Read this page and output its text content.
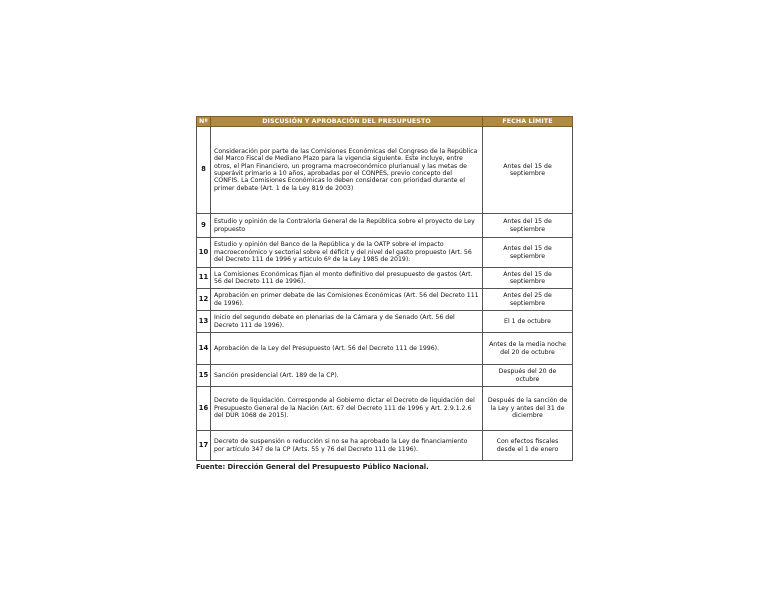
Nº	DISCUSIÓN Y APROBACIÓN DEL PRESUPUESTO	FECHA LÍMITE
8	Consideración por parte de las Comisiones Económicas del Congreso de la República del Marco Fiscal de Mediano Plazo para la vigencia siguiente. Este incluye, entre otros, el Plan Financiero, un programa macroeconómico plurianual y las metas de superávit primario a 10 años, aprobadas por el CONPES, previo concepto del CONFIS. La Comisiones Económicas lo deben considerar con prioridad durante el primer debate (Art. 1 de la Ley 819 de 2003)	Antes del 15 de septiembre
9	Estudio y opinión de la Contraloría General de la República sobre el proyecto de Ley propuesto	Antes del 15 de septiembre
10	Estudio y opinión del Banco de la República y de la OATP sobre el impacto macroeconómico y sectorial sobre el déficit y del nivel del gasto propuesto (Art. 56 del Decreto 111 de 1996 y artículo 6º de la Ley 1985 de 2019).	Antes del 15 de septiembre
11	La Comisiones Económicas fijan el monto definitivo del presupuesto de gastos (Art. 56 del Decreto 111 de 1996).	Antes del 15 de septiembre
12	Aprobación en primer debate de las Comisiones Económicas (Art. 56 del Decreto 111 de 1996).	Antes del 25 de septiembre
13	Inicio del segundo debate en plenarias de la Cámara y de Senado (Art. 56 del Decreto 111 de 1996).	El 1 de octubre
14	Aprobación de la Ley del Presupuesto (Art. 56 del Decreto 111 de 1996).	Antes de la media noche del 20 de octubre
15	Sanción presidencial (Art. 189 de la CP).	Después del 20 de octubre
16	Decreto de liquidación. Corresponde al Gobierno dictar el Decreto de liquidación del Presupuesto General de la Nación (Art. 67 del Decreto 111 de 1996 y Art. 2.9.1.2.6 del DUR 1068 de 2015).	Después de la sanción de la Ley y antes del 31 de diciembre
17	Decreto de suspensión o reducción si no se ha aprobado la Ley de financiamiento por artículo 347 de la CP (Arts. 55 y 76 del Decreto 111 de 1196).	Con efectos fiscales desde el 1 de enero
Fuente: Dirección General del Presupuesto Público Nacional.
